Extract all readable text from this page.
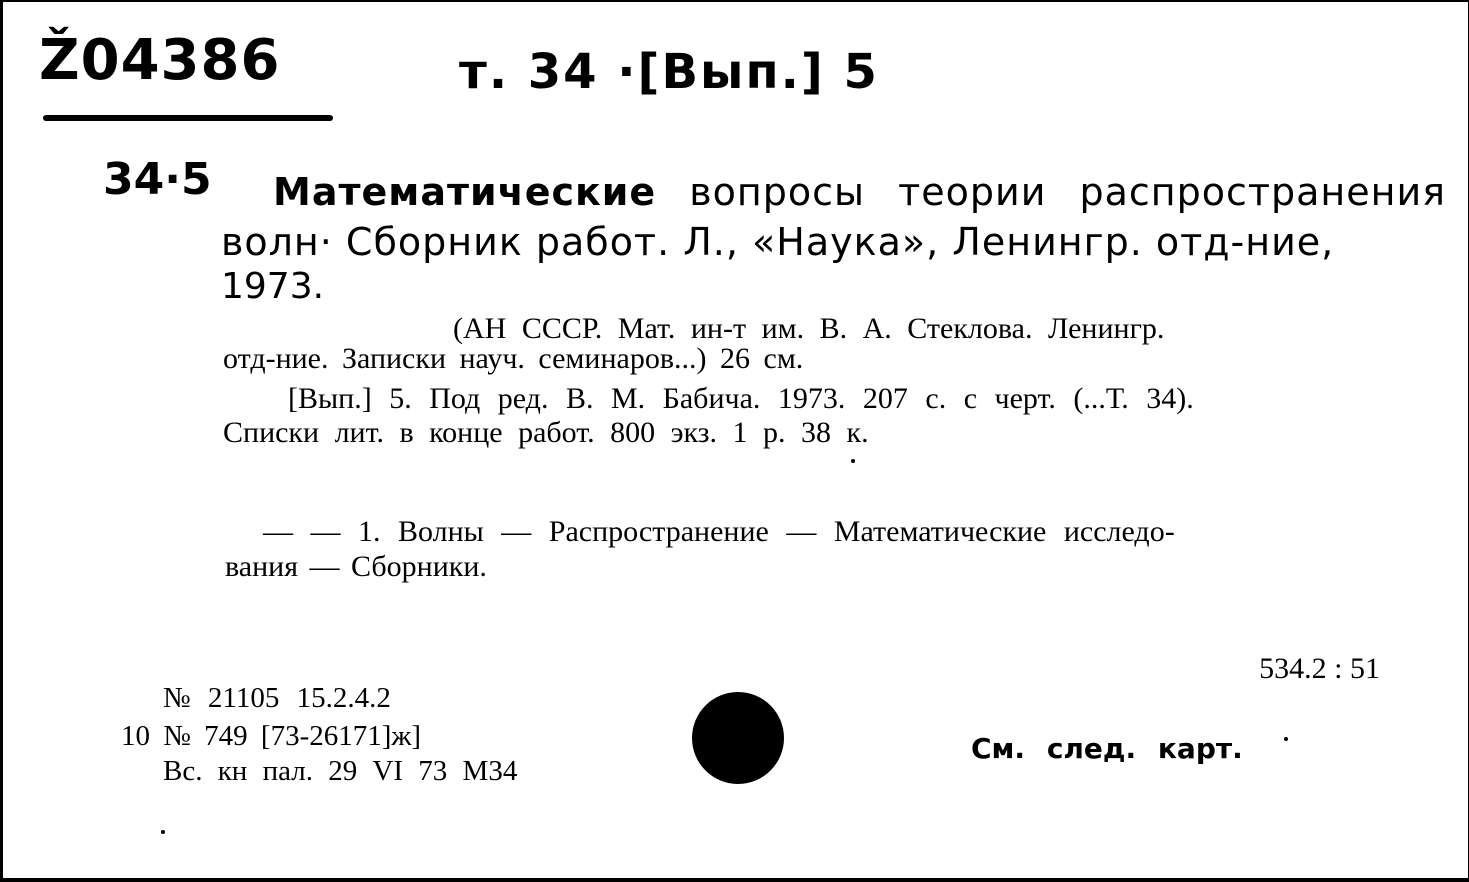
Ž04386	т. 34 ·[Вып.] 5
34·5 Математические вопросы теории распространения
волн· Сборник работ. Л., «Наука», Ленингр. отд-ние,
1973.
(АН СССР. Мат. ин-т им. В. А. Стеклова. Ленингр.
отд-ние. Записки науч. семинаров...) 26 см.
[Вып.] 5. Под ред. В. М. Бабича. 1973. 207 с. с черт. (...Т. 34).
Списки лит. в конце работ. 800 экз. 1 р. 38 к.
— — 1. Волны — Распространение — Математические исследо-
вания — Сборники.
534.2 : 51
№ 21105 15.2.4.2
10 № 749 [73-26171]ж]
Вс. кн пал. 29 VI 73 М34
См. след. карт.
